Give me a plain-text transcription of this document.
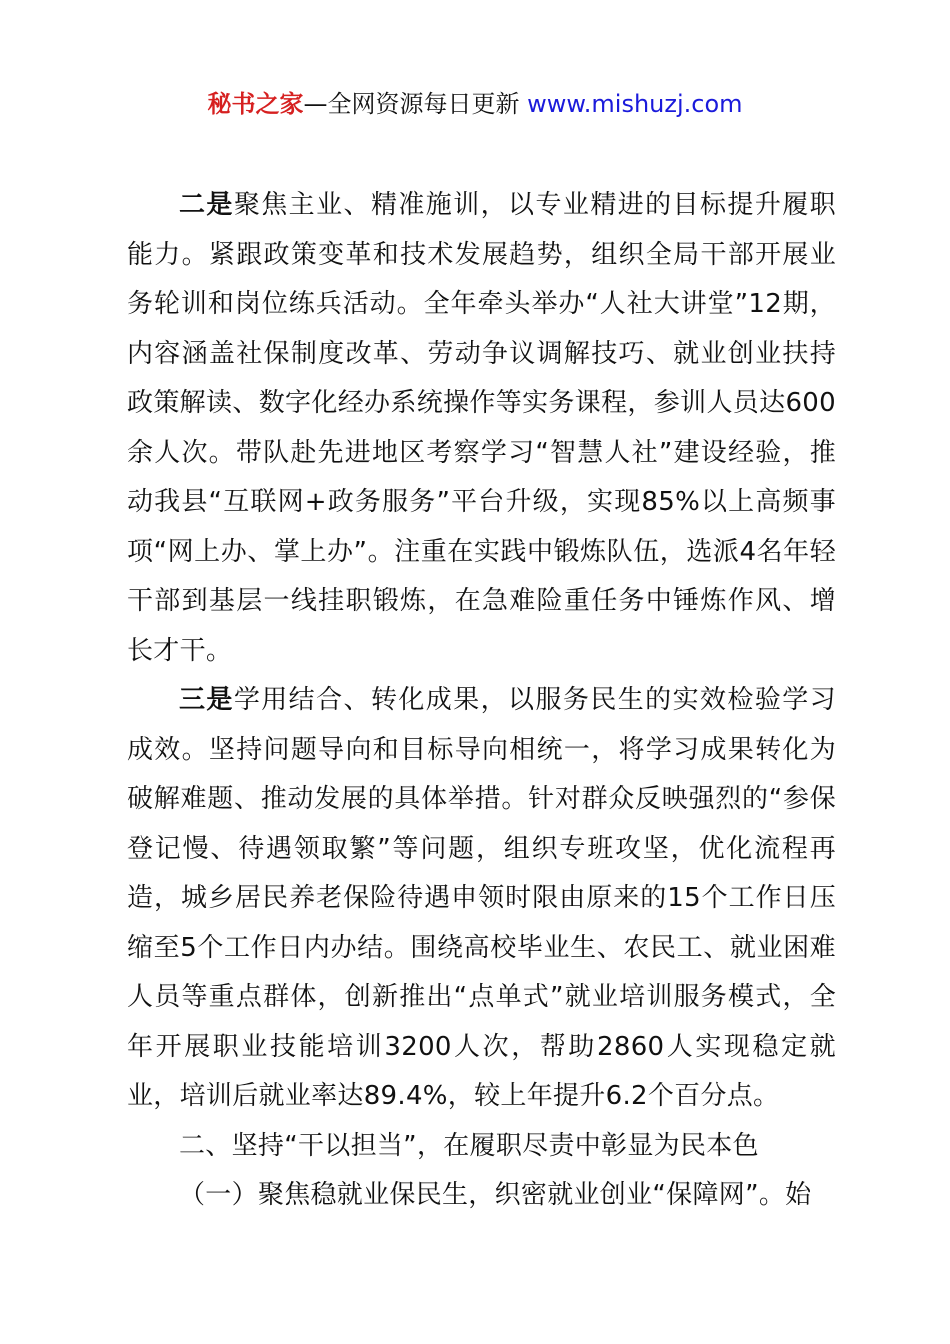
秘书之家—全网资源每日更新 www.mishuzj.com

二是聚焦主业、精准施训，以专业精进的目标提升履职能力。紧跟政策变革和技术发展趋势，组织全局干部开展业务轮训和岗位练兵活动。全年牵头举办“人社大讲堂”12期，内容涵盖社保制度改革、劳动争议调解技巧、就业创业扶持政策解读、数字化经办系统操作等实务课程，参训人员达600余人次。带队赴先进地区考察学习“智慧人社”建设经验，推动我县“互联网+政务服务”平台升级，实现85%以上高频事项“网上办、掌上办”。注重在实践中锻炼队伍，选派4名年轻干部到基层一线挂职锻炼，在急难险重任务中锤炼作风、增长才干。

三是学用结合、转化成果，以服务民生的实效检验学习成效。坚持问题导向和目标导向相统一，将学习成果转化为破解难题、推动发展的具体举措。针对群众反映强烈的“参保登记慢、待遇领取繁”等问题，组织专班攻坚，优化流程再造，城乡居民养老保险待遇申领时限由原来的15个工作日压缩至5个工作日内办结。围绕高校毕业生、农民工、就业困难人员等重点群体，创新推出“点单式”就业培训服务模式，全年开展职业技能培训3200人次，帮助2860人实现稳定就业，培训后就业率达89.4%，较上年提升6.2个百分点。

二、坚持“干以担当”，在履职尽责中彰显为民本色

（一）聚焦稳就业保民生，织密就业创业“保障网”。始
